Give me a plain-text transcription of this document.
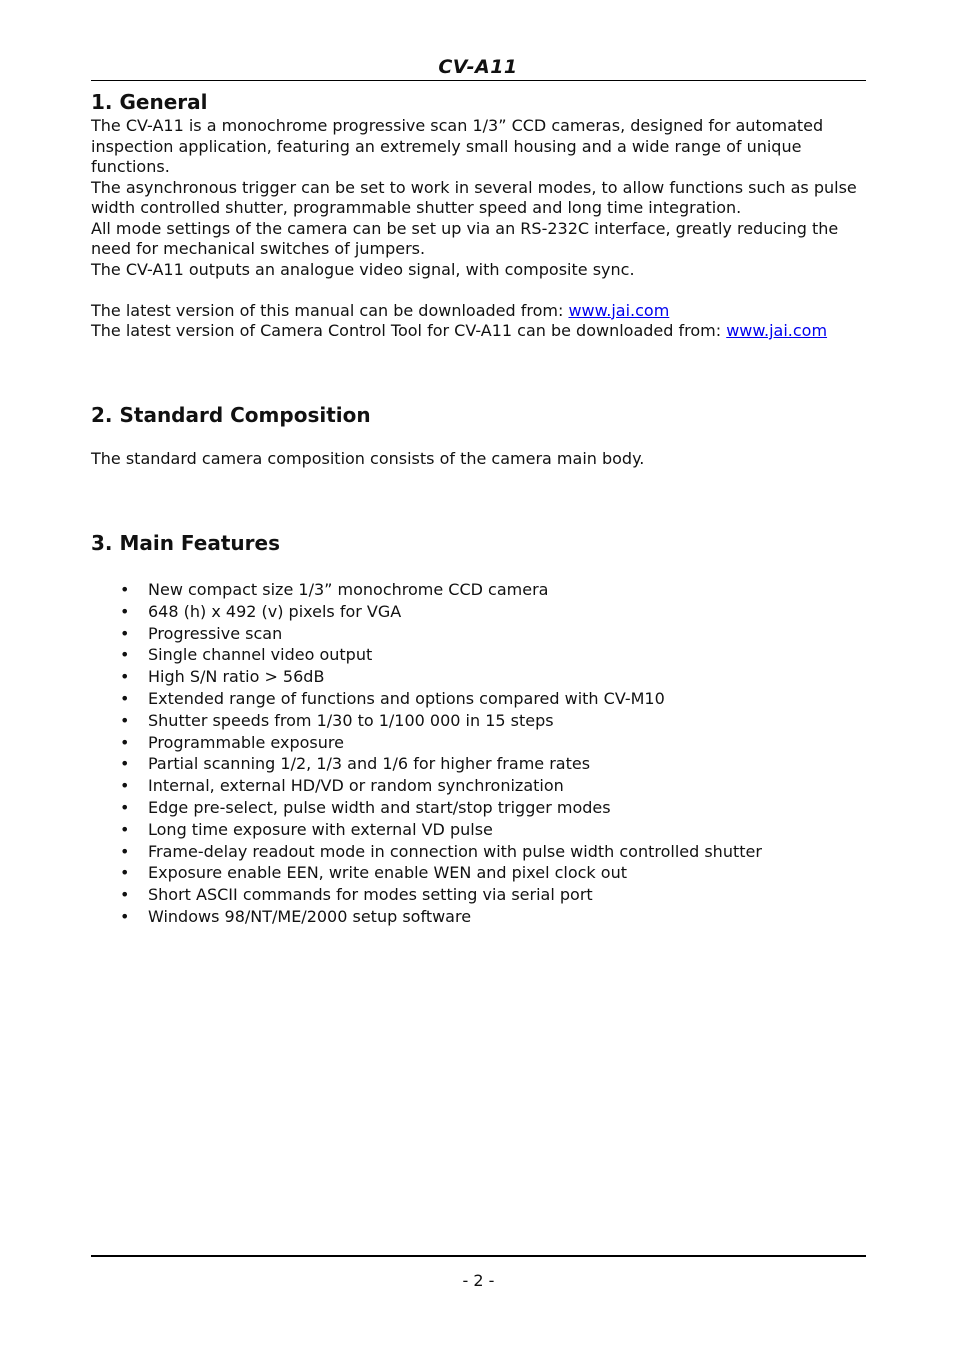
CV-A11
1. General

The CV-A11 is a monochrome progressive scan 1/3” CCD cameras, designed for automated inspection application, featuring an extremely small housing and a wide range of unique functions.

The asynchronous trigger can be set to work in several modes, to allow functions such as pulse width controlled shutter, programmable shutter speed and long time integration.

All mode settings of the camera can be set up via an RS-232C interface, greatly reducing the need for mechanical switches of jumpers.

The CV-A11 outputs an analogue video signal, with composite sync.

The latest version of this manual can be downloaded from: www.jai.com

The latest version of Camera Control Tool for CV-A11 can be downloaded from: www.jai.com

2. Standard Composition

The standard camera composition consists of the camera main body.

3. Main Features
• New compact size 1/3” monochrome CCD camera
• 648 (h) x 492 (v) pixels for VGA
• Progressive scan
• Single channel video output
• High S/N ratio > 56dB
• Extended range of functions and options compared with CV-M10
• Shutter speeds from 1/30 to 1/100 000 in 15 steps
• Programmable exposure
• Partial scanning 1/2, 1/3 and 1/6 for higher frame rates
• Internal, external HD/VD or random synchronization
• Edge pre-select, pulse width and start/stop trigger modes
• Long time exposure with external VD pulse
• Frame-delay readout mode in connection with pulse width controlled shutter
• Exposure enable EEN, write enable WEN and pixel clock out
• Short ASCII commands for modes setting via serial port
• Windows 98/NT/ME/2000 setup software
- 2 -
